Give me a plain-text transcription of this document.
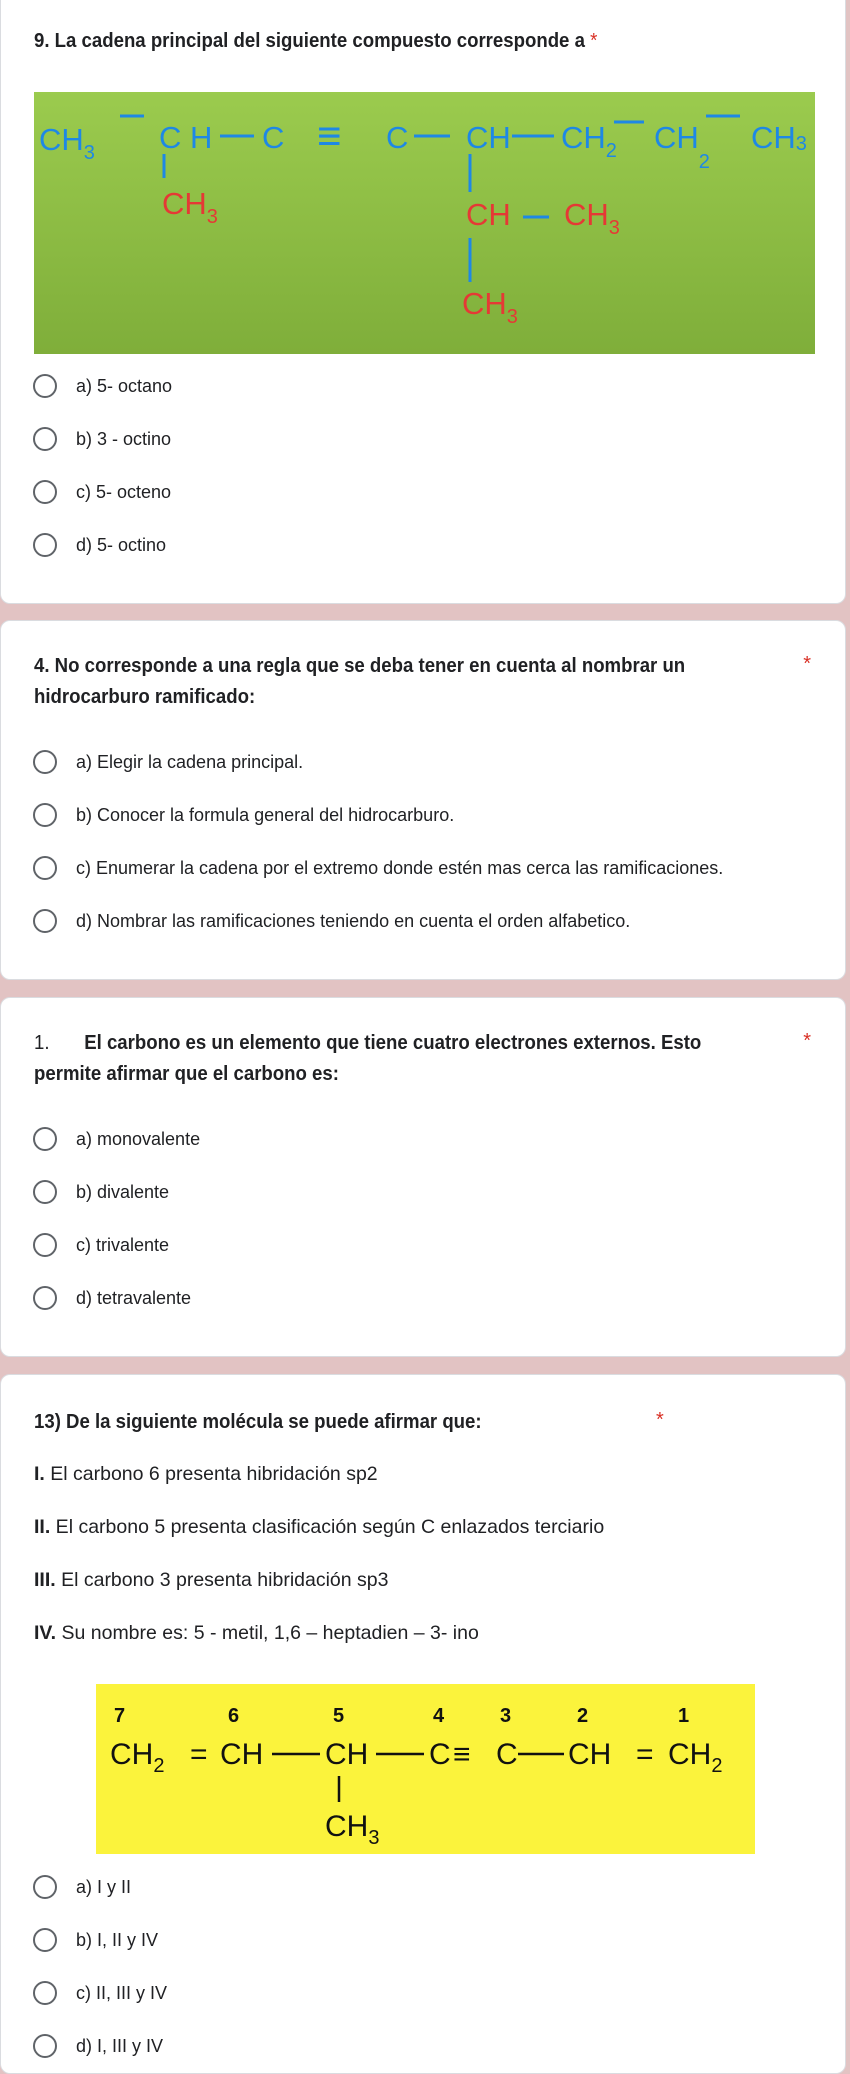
9. La cadena principal del siguiente compuesto corresponde a *
$CH_3$ C H C	C CH $CH_2$ $CH_2$
CH3
≡
$CH_3$	CH $CH_3$
$CH_3$
a) 5- octano
b) 3 - octino
c) 5- octeno
d) 5- octino
4. No corresponde a una regla que se deba tener en cuenta al nombrar un
hidrocarburo ramificado:
*
a) Elegir la cadena principal.
b) Conocer la formula general del hidrocarburo.
c) Enumerar la cadena por el extremo donde estén mas cerca las ramificaciones.
d) Nombrar las ramificaciones teniendo en cuenta el orden alfabetico.
1. El carbono es un elemento que tiene cuatro electrones externos. Esto
permite afirmar que el carbono es:
*
a) monovalente
b) divalente
c) trivalente
d) tetravalente
13) De la siguiente molécula se puede afirmar que:	*
I. El carbono 6 presenta hibridación sp2
II. El carbono 5 presenta clasificación según C enlazados terciario
III. El carbono 3 presenta hibridación sp3
IV. Su nombre es: 5 - metil, 1,6 – heptadien – 3- ino
7	6	5	4	3	2	1
$CH_2$ = CH CH C ≡ C CH = $CH_2$
$CH_3$
a) I y II
b) I, II y IV
c) II, III y IV
d) I, III y IV
